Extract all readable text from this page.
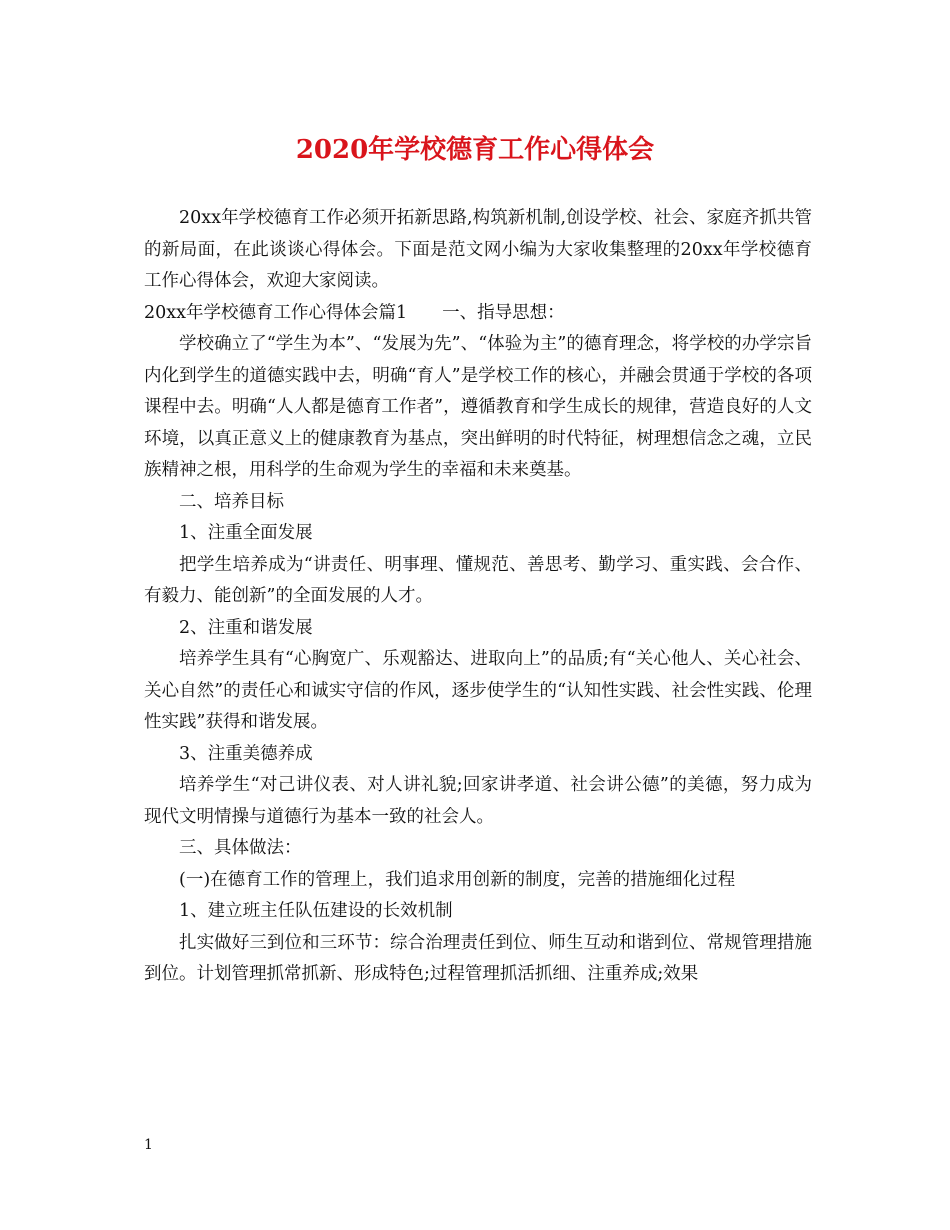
2020年学校德育工作心得体会

20xx年学校德育工作必须开拓新思路,构筑新机制,创设学校、社会、家庭齐抓共管的新局面，在此谈谈心得体会。下面是范文网小编为大家收集整理的20xx年学校德育工作心得体会，欢迎大家阅读。

20xx年学校德育工作心得体会篇1　　一、指导思想：

学校确立了“学生为本”、“发展为先”、“体验为主”的德育理念，将学校的办学宗旨内化到学生的道德实践中去，明确“育人”是学校工作的核心，并融会贯通于学校的各项课程中去。明确“人人都是德育工作者”，遵循教育和学生成长的规律，营造良好的人文环境，以真正意义上的健康教育为基点，突出鲜明的时代特征，树理想信念之魂，立民族精神之根，用科学的生命观为学生的幸福和未来奠基。

二、培养目标

1、注重全面发展

把学生培养成为“讲责任、明事理、懂规范、善思考、勤学习、重实践、会合作、有毅力、能创新”的全面发展的人才。

2、注重和谐发展

培养学生具有“心胸宽广、乐观豁达、进取向上”的品质;有“关心他人、关心社会、关心自然”的责任心和诚实守信的作风，逐步使学生的“认知性实践、社会性实践、伦理性实践”获得和谐发展。

3、注重美德养成

培养学生“对己讲仪表、对人讲礼貌;回家讲孝道、社会讲公德”的美德，努力成为现代文明情操与道德行为基本一致的社会人。

三、具体做法：

(一)在德育工作的管理上，我们追求用创新的制度，完善的措施细化过程

1、建立班主任队伍建设的长效机制

扎实做好三到位和三环节：综合治理责任到位、师生互动和谐到位、常规管理措施到位。计划管理抓常抓新、形成特色;过程管理抓活抓细、注重养成;效果

1
